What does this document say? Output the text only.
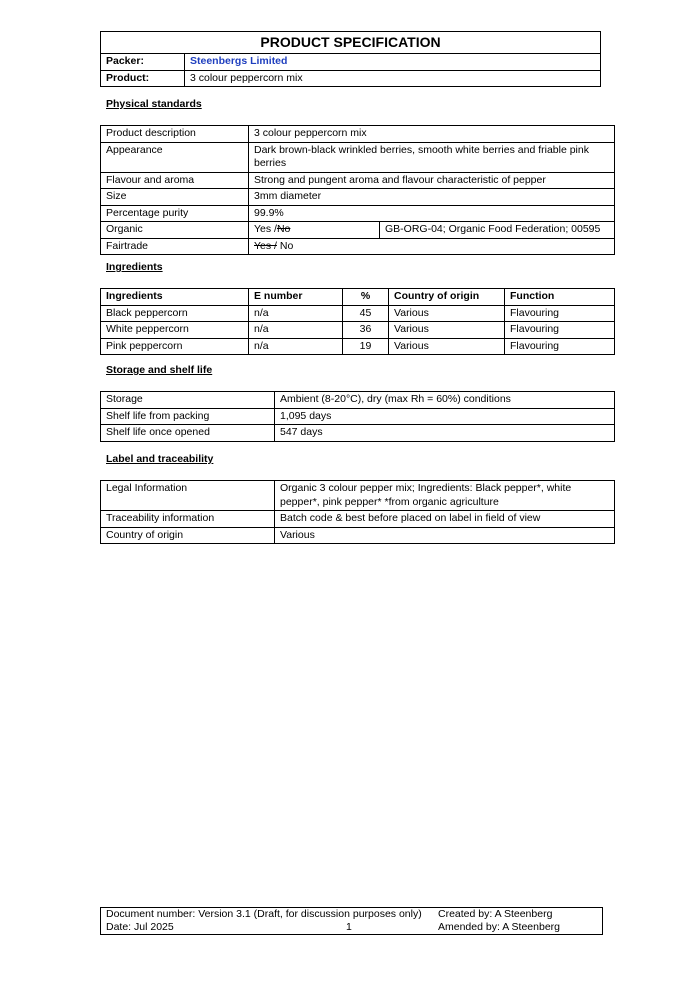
PRODUCT SPECIFICATION	
Packer:	Steenbergs Limited
Product:	3 colour peppercorn mix
Physical standards
Product description	3 colour peppercorn mix	
Appearance	Dark brown-black wrinkled berries, smooth white berries and friable pink berries	
Flavour and aroma	Strong and pungent aroma and flavour characteristic of pepper	
Size	3mm diameter	
Percentage purity	99.9%	
Organic	Yes /No	GB-ORG-04; Organic Food Federation; 00595
Fairtrade	Yes / No	
Ingredients
Ingredients	E number	%	Country of origin	Function
Black peppercorn	n/a	45	Various	Flavouring
White peppercorn	n/a	36	Various	Flavouring
Pink peppercorn	n/a	19	Various	Flavouring
Storage and shelf life
Storage	Ambient (8-20°C), dry (max Rh = 60%) conditions
Shelf life from packing	1,095 days
Shelf life once opened	547 days
Label and traceability
Legal Information	Organic 3 colour pepper mix; Ingredients: Black pepper*, white pepper*, pink pepper* *from organic agriculture
Traceability information	Batch code & best before placed on label in field of view
Country of origin	Various
Document number: Version 3.1 (Draft, for discussion purposes only)
Date: Jul 2025	1
Created by: A Steenberg
Amended by: A Steenberg
